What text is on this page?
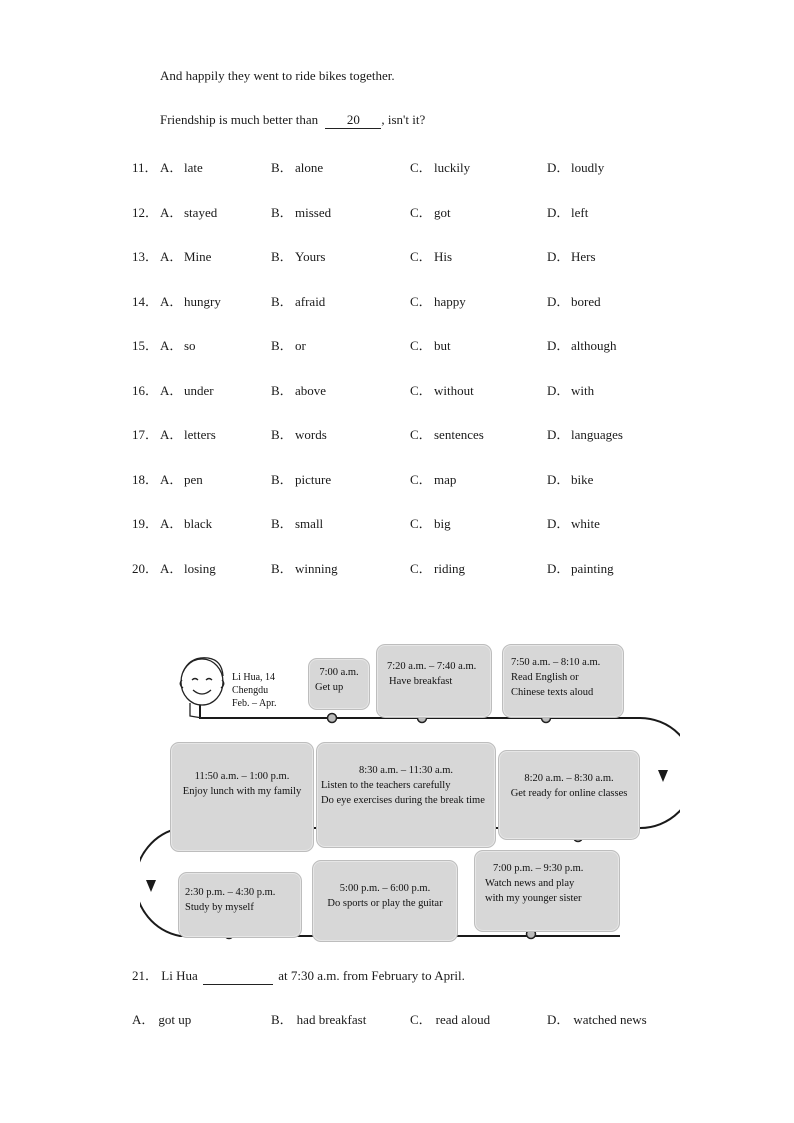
And happily they went to ride bikes together.
Friendship is much better than 20 , isn't it?
11． A． late	B． alone	C． luckily	D． loudly
12． A． stayed	B． missed	C． got	D． left
13． A． Mine	B． Yours	C． His	D． Hers
14． A． hungry	B． afraid	C． happy	D． bored
15． A． so	B． or	C． but	D． although
16． A． under	B． above	C． without	D． with
17． A． letters	B． words	C． sentences	D． languages
18． A． pen	B． picture	C． map	D． bike
19． A． black	B． small	C． big	D． white
20． A． losing	B． winning	C． riding	D． painting
Li Hua, 14
Chengdu
Feb. – Apr.
7:00 a.m.
Get up
7:20 a.m. – 7:40 a.m.
Have breakfast
7:50 a.m. – 8:10 a.m.
Read English or
Chinese texts aloud
11:50 a.m. – 1:00 p.m.
Enjoy lunch with my family
8:30 a.m. – 11:30 a.m.
Listen to the teachers carefully
Do eye exercises during the break time
8:20 a.m. – 8:30 a.m.
Get ready for online classes
2:30 p.m. – 4:30 p.m.
Study by myself
5:00 p.m. – 6:00 p.m.
Do sports or play the guitar
7:00 p.m. – 9:30 p.m.
Watch news and play
with my younger sister
21． Li Hua	at 7:30 a.m. from February to April.
A． got up	B． had breakfast	C． read aloud	D． watched news
